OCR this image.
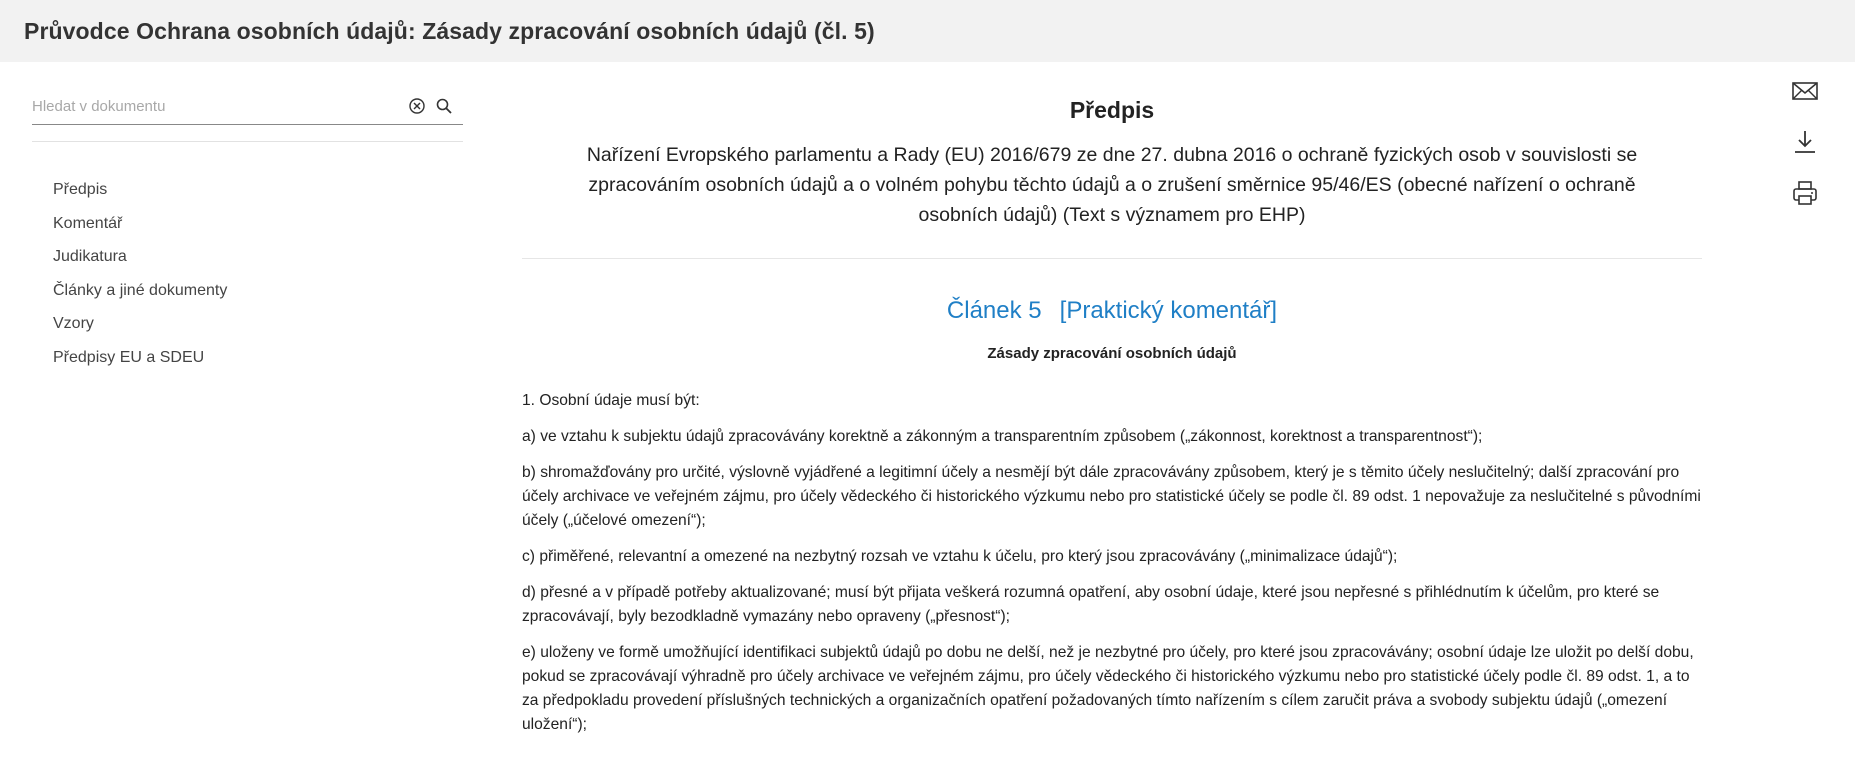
Průvodce Ochrana osobních údajů: Zásady zpracování osobních údajů (čl. 5)
Hledat v dokumentu
Předpis
Komentář
Judikatura
Články a jiné dokumenty
Vzory
Předpisy EU a SDEU
Předpis
Nařízení Evropského parlamentu a Rady (EU) 2016/679 ze dne 27. dubna 2016 o ochraně fyzických osob v souvislosti se zpracováním osobních údajů a o volném pohybu těchto údajů a o zrušení směrnice 95/46/ES (obecné nařízení o ochraně osobních údajů) (Text s významem pro EHP)
Článek 5 [Praktický komentář]
Zásady zpracování osobních údajů

1. Osobní údaje musí být:

a) ve vztahu k subjektu údajů zpracovávány korektně a zákonným a transparentním způsobem („zákonnost, korektnost a transparentnost“);

b) shromažďovány pro určité, výslovně vyjádřené a legitimní účely a nesmějí být dále zpracovávány způsobem, který je s těmito účely neslučitelný; další zpracování pro účely archivace ve veřejném zájmu, pro účely vědeckého či historického výzkumu nebo pro statistické účely se podle čl. 89 odst. 1 nepovažuje za neslučitelné s původními účely („účelové omezení“);

c) přiměřené, relevantní a omezené na nezbytný rozsah ve vztahu k účelu, pro který jsou zpracovávány („minimalizace údajů“);

d) přesné a v případě potřeby aktualizované; musí být přijata veškerá rozumná opatření, aby osobní údaje, které jsou nepřesné s přihlédnutím k účelům, pro které se zpracovávají, byly bezodkladně vymazány nebo opraveny („přesnost“);

e) uloženy ve formě umožňující identifikaci subjektů údajů po dobu ne delší, než je nezbytné pro účely, pro které jsou zpracovávány; osobní údaje lze uložit po delší dobu, pokud se zpracovávají výhradně pro účely archivace ve veřejném zájmu, pro účely vědeckého či historického výzkumu nebo pro statistické účely podle čl. 89 odst. 1, a to za předpokladu provedení příslušných technických a organizačních opatření požadovaných tímto nařízením s cílem zaručit práva a svobody subjektu údajů („omezení uložení“);
